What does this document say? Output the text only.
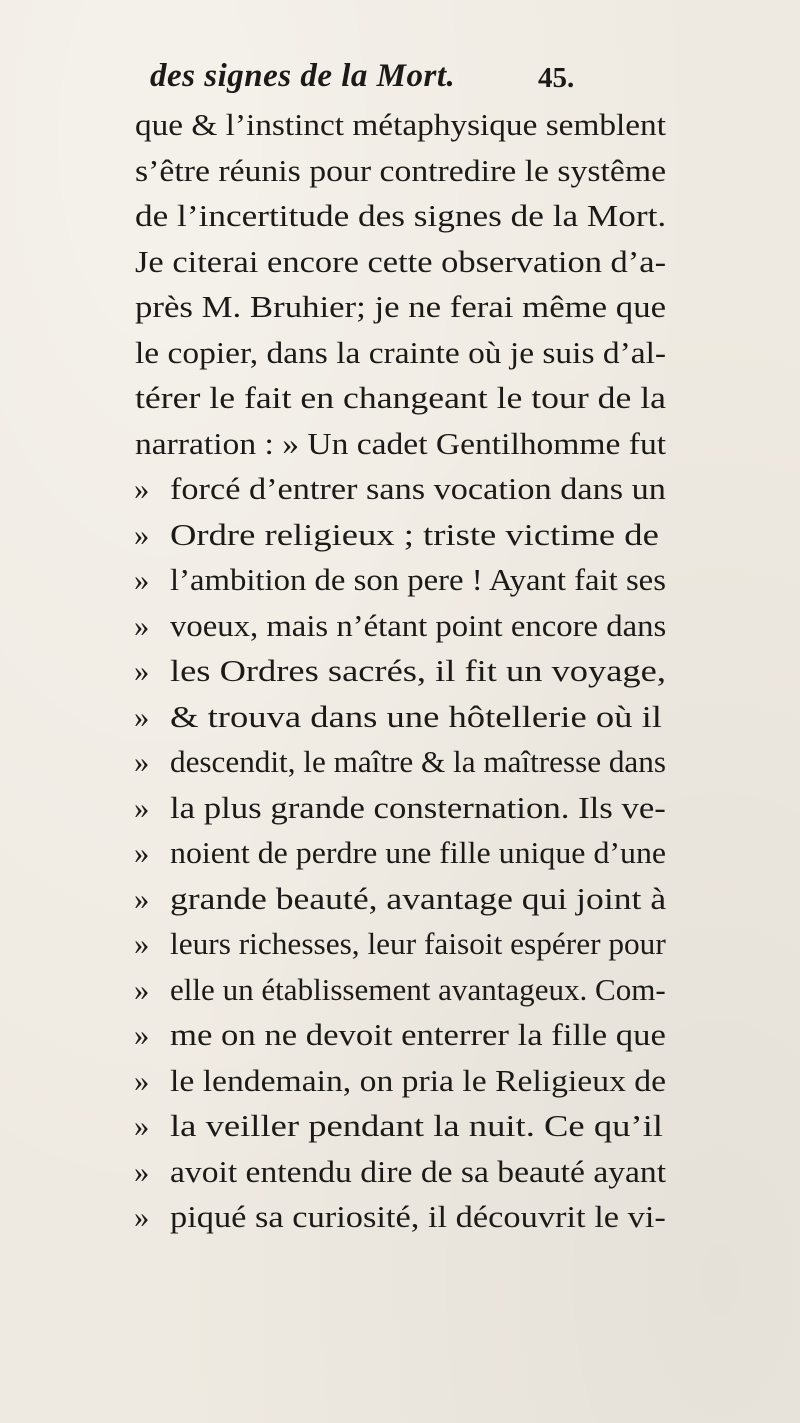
des signes de la Mort.	45.
que & l’instinct métaphysique semblent
s’être réunis pour contredire le systême
de l’incertitude des signes de la Mort.
Je citerai encore cette observation d’a-
près M. Bruhier; je ne ferai même que
le copier, dans la crainte où je suis d’al-
térer le fait en changeant le tour de la
narration : » Un cadet Gentilhomme fut
» forcé d’entrer sans vocation dans un
» Ordre religieux ; triste victime de
» l’ambition de son pere ! Ayant fait ses
» voeux, mais n’étant point encore dans
» les Ordres sacrés, il fit un voyage,
» & trouva dans une hôtellerie où il
» descendit, le maître & la maîtresse dans
» la plus grande consternation. Ils ve-
» noient de perdre une fille unique d’une
» grande beauté, avantage qui joint à
» leurs richesses, leur faisoit espérer pour
» elle un établissement avantageux. Com-
» me on ne devoit enterrer la fille que
» le lendemain, on pria le Religieux de
» la veiller pendant la nuit. Ce qu’il
» avoit entendu dire de sa beauté ayant
» piqué sa curiosité, il découvrit le vi-
